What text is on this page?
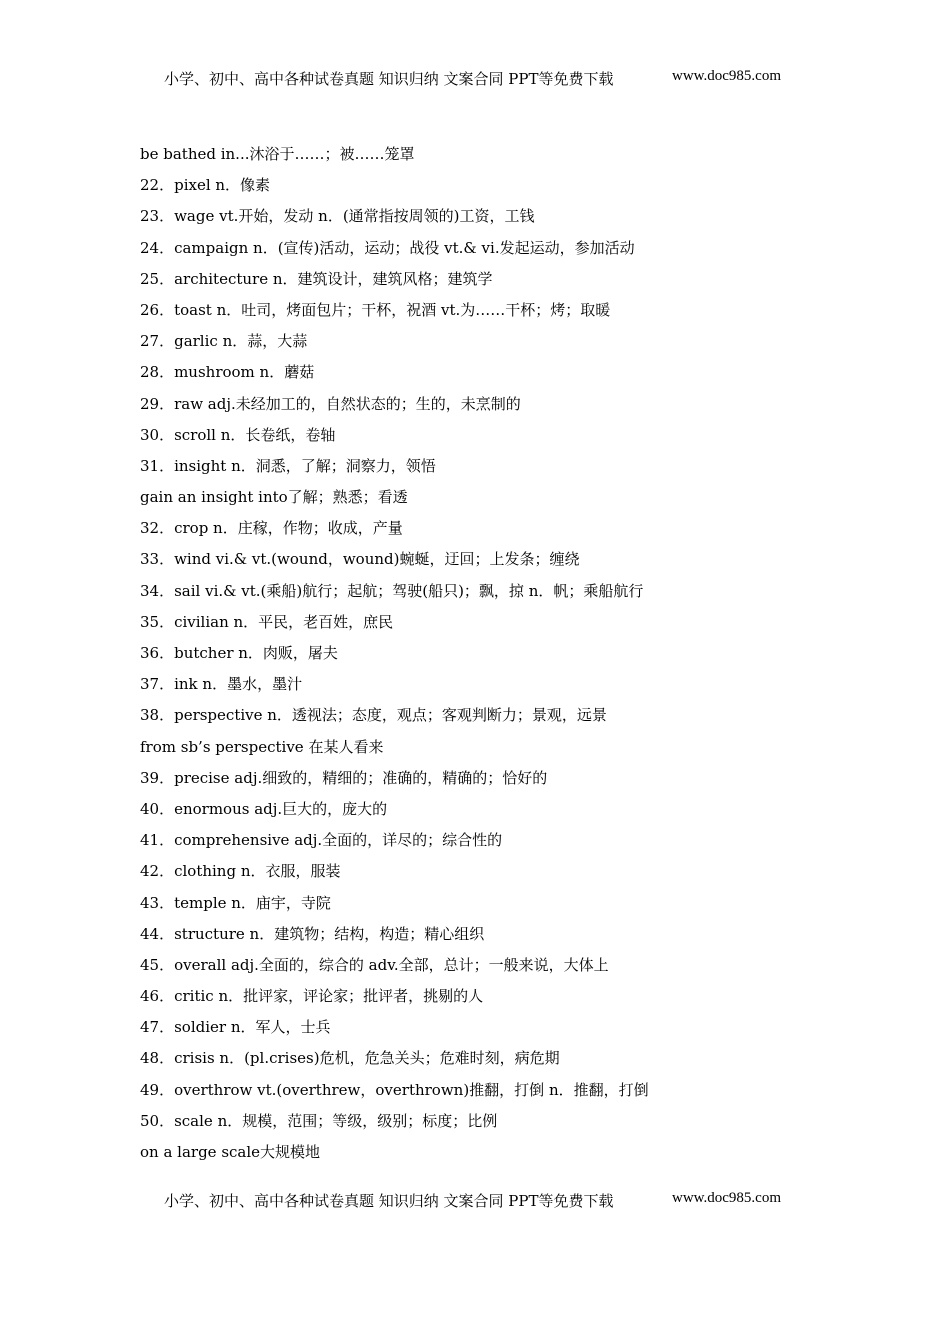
小学、初中、高中各种试卷真题 知识归纳 文案合同 PPT等免费下载	www.doc985.com
be bathed in...沐浴于……；被……笼罩
22．pixel n．像素
23．wage vt.开始，发动 n．(通常指按周领的)工资，工钱
24．campaign n．(宣传)活动，运动；战役 vt.& vi.发起运动，参加活动
25．architecture n．建筑设计，建筑风格；建筑学
26．toast n．吐司，烤面包片；干杯，祝酒 vt.为……干杯；烤；取暖
27．garlic n．蒜，大蒜
28．mushroom n．蘑菇
29．raw adj.未经加工的，自然状态的；生的，未烹制的
30．scroll n．长卷纸，卷轴
31．insight n．洞悉，了解；洞察力，领悟
gain an insight into了解；熟悉；看透
32．crop n．庄稼，作物；收成，产量
33．wind vi.& vt.(wound，wound)蜿蜒，迂回；上发条；缠绕
34．sail vi.& vt.(乘船)航行；起航；驾驶(船只)；飘，掠 n．帆；乘船航行
35．civilian n．平民，老百姓，庶民
36．butcher n．肉贩，屠夫
37．ink n．墨水，墨汁
38．perspective n．透视法；态度，观点；客观判断力；景观，远景
from sb’s perspective 在某人看来
39．precise adj.细致的，精细的；准确的，精确的；恰好的
40．enormous adj.巨大的，庞大的
41．comprehensive adj.全面的，详尽的；综合性的
42．clothing n．衣服，服装
43．temple n．庙宇，寺院
44．structure n．建筑物；结构，构造；精心组织
45．overall adj.全面的，综合的 adv.全部，总计；一般来说，大体上
46．critic n．批评家，评论家；批评者，挑剔的人
47．soldier n．军人，士兵
48．crisis n．(pl.crises)危机，危急关头；危难时刻，病危期
49．overthrow vt.(overthrew，overthrown)推翻，打倒 n．推翻，打倒
50．scale n．规模，范围；等级，级别；标度；比例
on a large scale大规模地
小学、初中、高中各种试卷真题 知识归纳 文案合同 PPT等免费下载	www.doc985.com
